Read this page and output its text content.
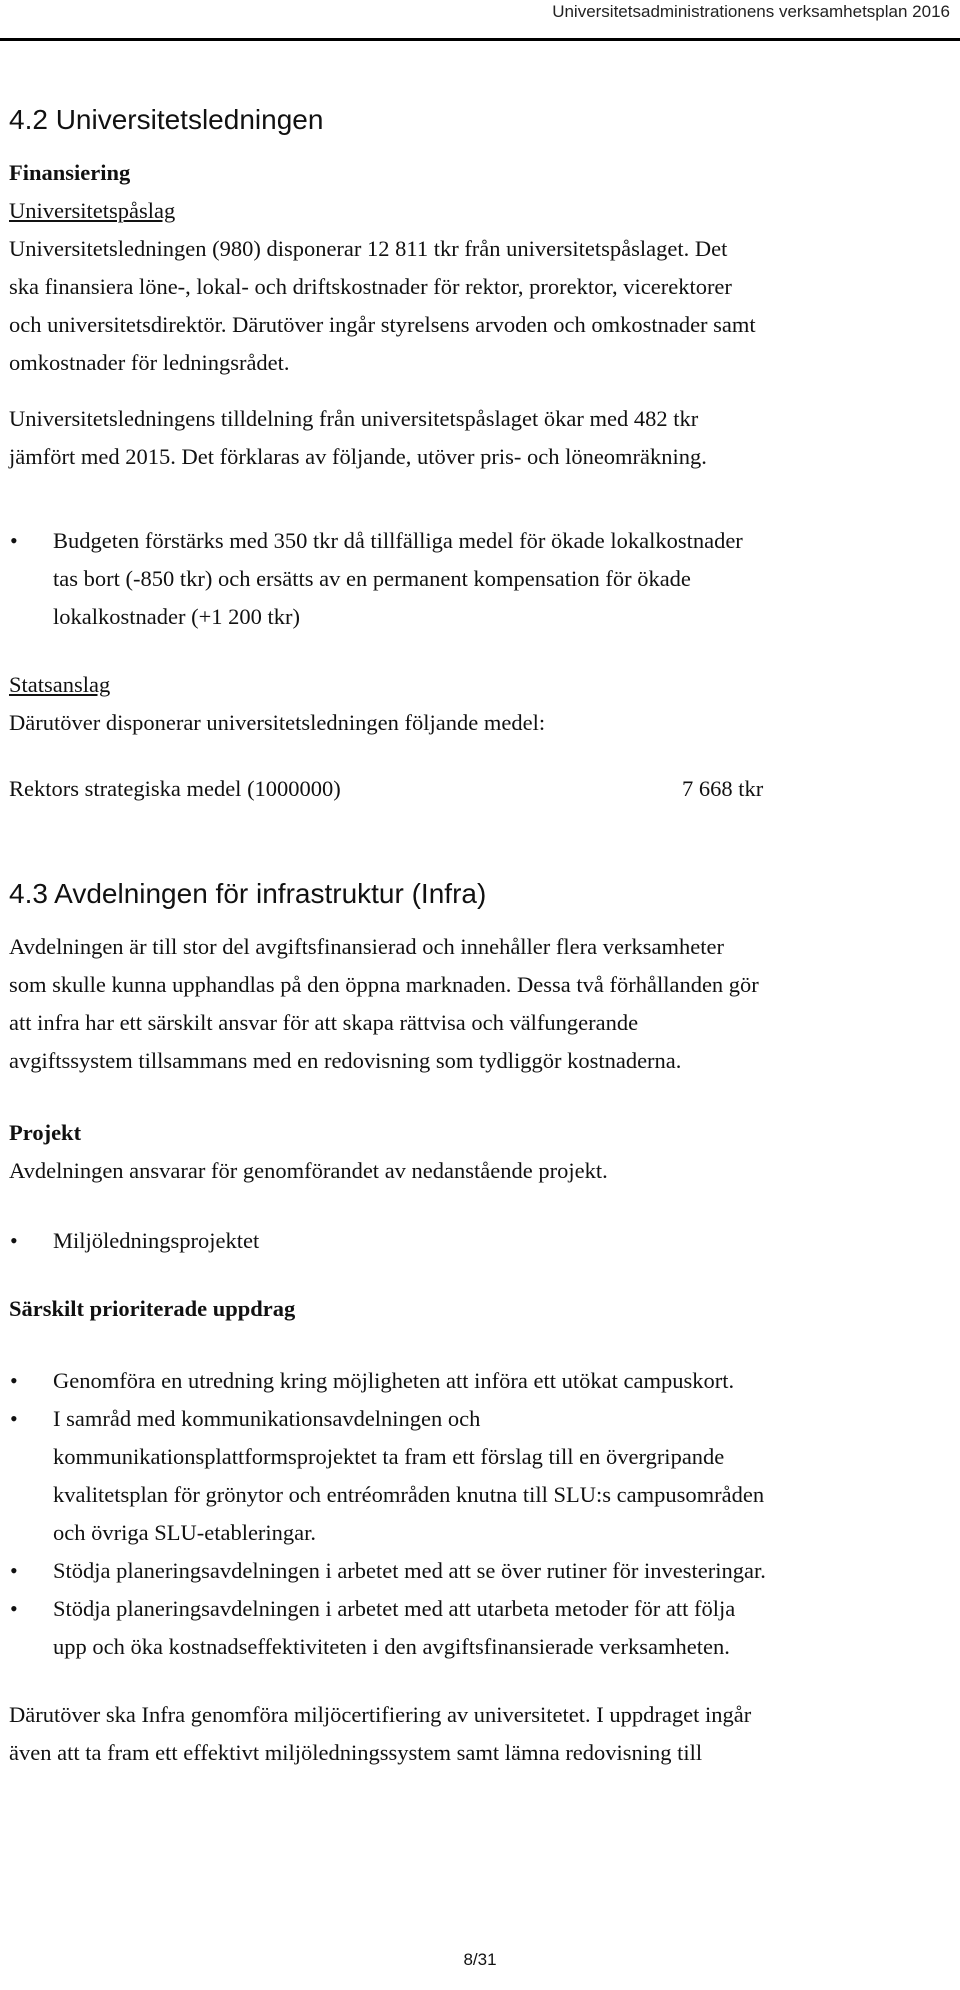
Universitetsadministrationens verksamhetsplan 2016
4.2 Universitetsledningen
Finansiering
Universitetspåslag
Universitetsledningen (980) disponerar 12 811 tkr från universitetspåslaget. Det
ska finansiera löne-, lokal- och driftskostnader för rektor, prorektor, vicerektorer
och universitetsdirektör. Därutöver ingår styrelsens arvoden och omkostnader samt
omkostnader för ledningsrådet.
Universitetsledningens tilldelning från universitetspåslaget ökar med 482 tkr
jämfört med 2015. Det förklaras av följande, utöver pris- och löneomräkning.
• Budgeten förstärks med 350 tkr då tillfälliga medel för ökade lokalkostnader
tas bort (-850 tkr) och ersätts av en permanent kompensation för ökade
lokalkostnader (+1 200 tkr)
Statsanslag
Därutöver disponerar universitetsledningen följande medel:
Rektors strategiska medel (1000000)	7 668 tkr
4.3 Avdelningen för infrastruktur (Infra)
Avdelningen är till stor del avgiftsfinansierad och innehåller flera verksamheter
som skulle kunna upphandlas på den öppna marknaden. Dessa två förhållanden gör
att infra har ett särskilt ansvar för att skapa rättvisa och välfungerande
avgiftssystem tillsammans med en redovisning som tydliggör kostnaderna.
Projekt
Avdelningen ansvarar för genomförandet av nedanstående projekt.
• Miljöledningsprojektet
Särskilt prioriterade uppdrag
• Genomföra en utredning kring möjligheten att införa ett utökat campuskort.
• I samråd med kommunikationsavdelningen och
kommunikationsplattformsprojektet ta fram ett förslag till en övergripande
kvalitetsplan för grönytor och entréområden knutna till SLU:s campusområden
och övriga SLU-etableringar.
• Stödja planeringsavdelningen i arbetet med att se över rutiner för investeringar.
• Stödja planeringsavdelningen i arbetet med att utarbeta metoder för att följa
upp och öka kostnadseffektiviteten i den avgiftsfinansierade verksamheten.
Därutöver ska Infra genomföra miljöcertifiering av universitetet. I uppdraget ingår
även att ta fram ett effektivt miljöledningssystem samt lämna redovisning till
8/31
